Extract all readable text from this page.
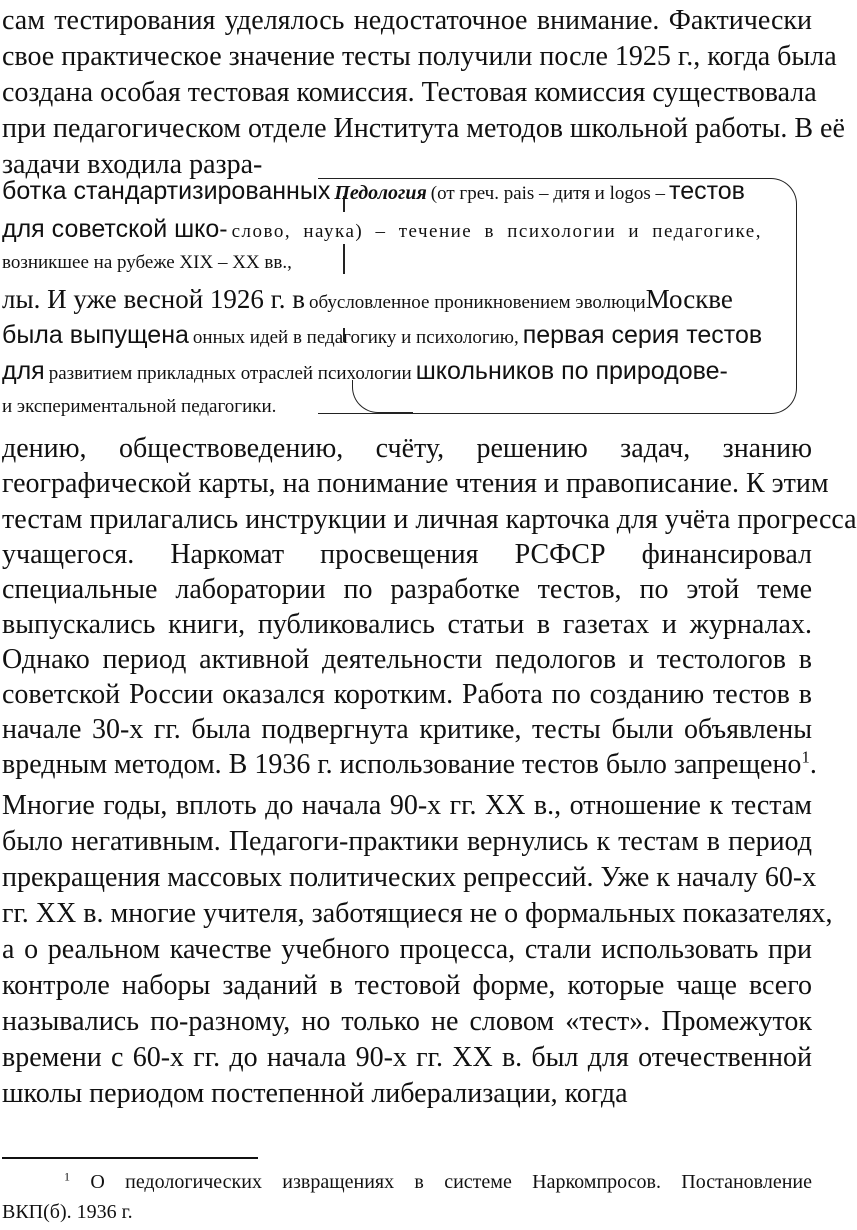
сам тестирования уделялось недостаточное внимание. Фактически
свое практическое значение тесты получили после 1925 г., когда была
создана особая тестовая комиссия. Тестовая комиссия существовала
при педагогическом отделе Института методов школьной работы. В её
задачи входила разра-
ботка стандартизированных Педология (от греч. pais – дитя и logos – тестов
для советской шко- слово, наука) – течение в психологии и педагогике,
возникшее на рубеже XIX – XX вв.,
лы. И уже весной 1926 г. в обусловленное проникновением эволюциМоскве
была выпущена онных идей в педагогику и психологию, первая серия тестов
для развитием прикладных отраслей психологии школьников по природове-
и экспериментальной педагогики.
дению, обществоведению, счёту, решению задач, знанию
географической карты, на понимание чтения и правописание. К этим
тестам прилагались инструкции и личная карточка для учёта прогресса
учащегося. Наркомат просвещения РСФСР финансировал
специальные лаборатории по разработке тестов, по этой теме
выпускались книги, публиковались статьи в газетах и журналах.
Однако период активной деятельности педологов и тестологов в
советской России оказался коротким. Работа по созданию тестов в
начале 30-х гг. была подвергнута критике, тесты были объявлены
вредным методом. В 1936 г. использование тестов было запрещено$^1$.
Многие годы, вплоть до начала 90-х гг. XX в., отношение к тестам
было негативным. Педагоги-практики вернулись к тестам в период
прекращения массовых политических репрессий. Уже к началу 60-х
гг. XX в. многие учителя, заботящиеся не о формальных показателях,
а о реальном качестве учебного процесса, стали использовать при
контроле наборы заданий в тестовой форме, которые чаще всего
назывались по-разному, но только не словом «тест». Промежуток
времени с 60-х гг. до начала 90-х гг. XX в. был для отечественной
школы периодом постепенной либерализации, когда
$^1$ О педологических извращениях в системе Наркомпросов. Постановление
ВКП(б). 1936 г.
